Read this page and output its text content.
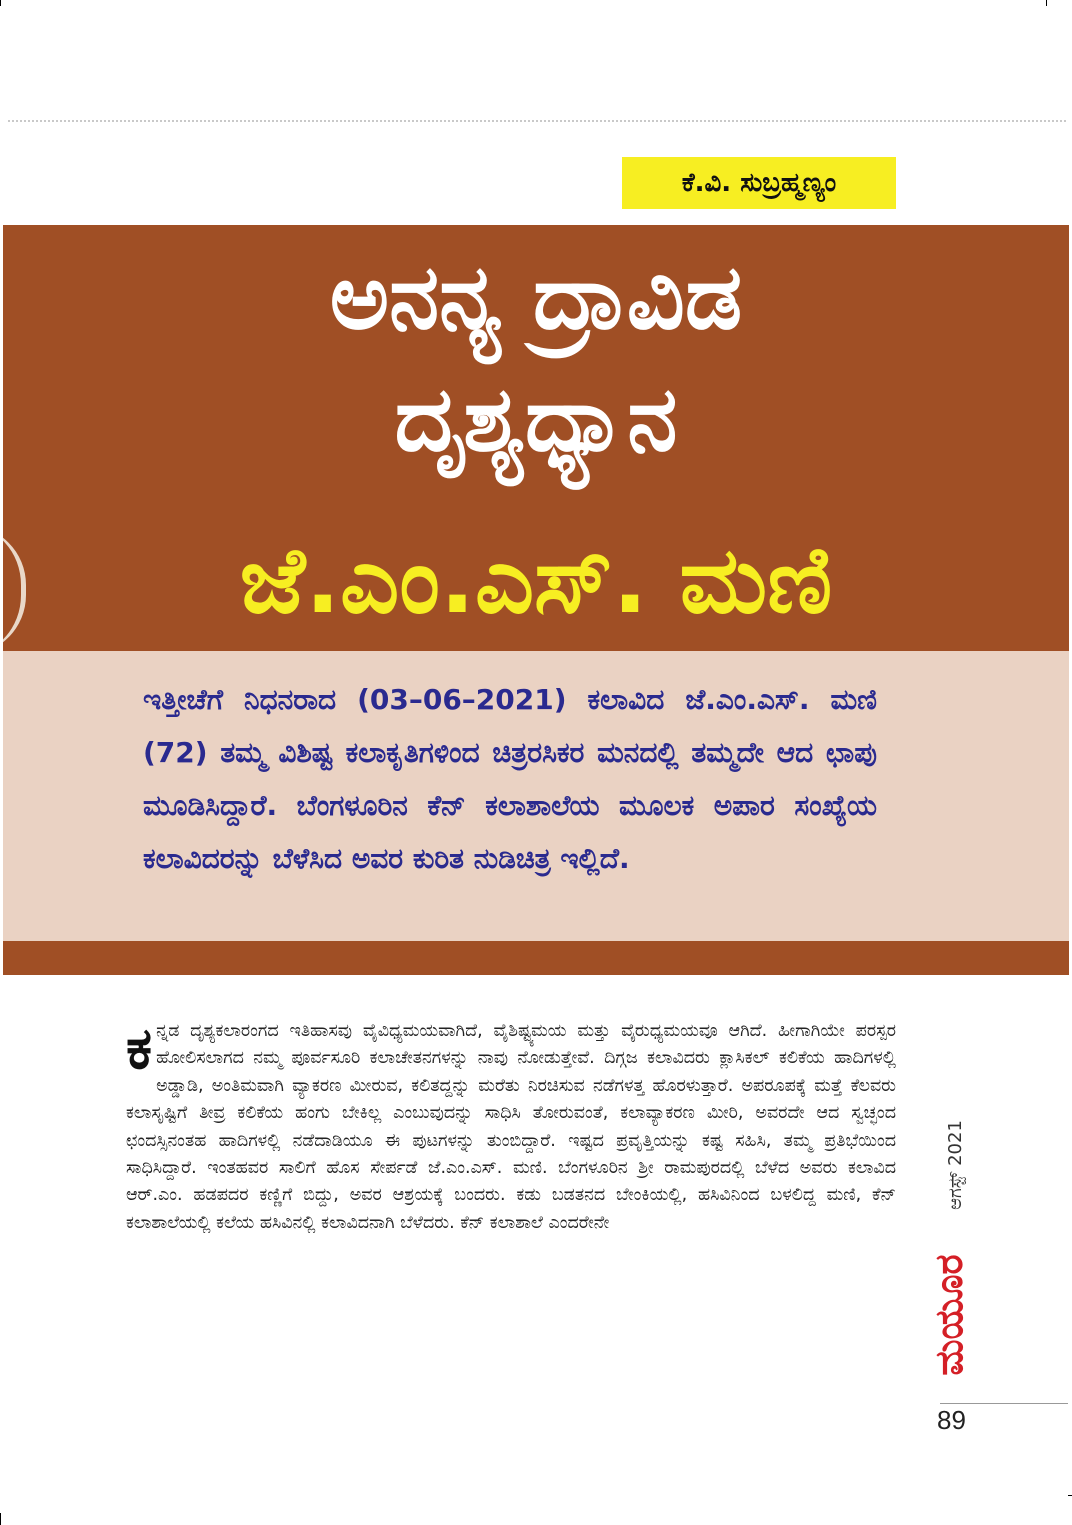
ಕೆ.ವಿ. ಸುಬ್ರಹ್ಮಣ್ಯಂ
ಅನನ್ಯ ದ್ರಾವಿಡ
ದೃಶ್ಯಧ್ಯಾನ
ಜೆ.ಎಂ.ಎಸ್. ಮಣಿ
ಇತ್ತೀಚೆಗೆ ನಿಧನರಾದ (03–06–2021) ಕಲಾವಿದ ಜೆ.ಎಂ.ಎಸ್. ಮಣಿ (72) ತಮ್ಮ ವಿಶಿಷ್ಟ ಕಲಾಕೃತಿಗಳಿಂದ ಚಿತ್ರರಸಿಕರ ಮನದಲ್ಲಿ ತಮ್ಮದೇ ಆದ ಛಾಪು ಮೂಡಿಸಿದ್ದಾರೆ. ಬೆಂಗಳೂರಿನ ಕೆನ್ ಕಲಾಶಾಲೆಯ ಮೂಲಕ ಅಪಾರ ಸಂಖ್ಯೆಯ ಕಲಾವಿದರನ್ನು ಬೆಳೆಸಿದ ಅವರ ಕುರಿತ ನುಡಿಚಿತ್ರ ಇಲ್ಲಿದೆ.
ಕನ್ನಡ ದೃಶ್ಯಕಲಾರಂಗದ ಇತಿಹಾಸವು ವೈವಿಧ್ಯಮಯವಾಗಿದೆ, ವೈಶಿಷ್ಟ್ಯಮಯ ಮತ್ತು ವೈರುಧ್ಯಮಯವೂ ಆಗಿದೆ. ಹೀಗಾಗಿಯೇ ಪರಸ್ಪರ ಹೋಲಿಸಲಾಗದ ನಮ್ಮ ಪೂರ್ವಸೂರಿ ಕಲಾಚೇತನಗಳನ್ನು ನಾವು ನೋಡುತ್ತೇವೆ. ದಿಗ್ಗಜ ಕಲಾವಿದರು ಕ್ಲಾಸಿಕಲ್ ಕಲಿಕೆಯ ಹಾದಿಗಳಲ್ಲಿ ಅಡ್ಡಾಡಿ, ಅಂತಿಮವಾಗಿ ವ್ಯಾಕರಣ ಮೀರುವ, ಕಲಿತದ್ದನ್ನು ಮರೆತು ನಿರಚಿಸುವ ನಡೆಗಳತ್ತ ಹೊರಳುತ್ತಾರೆ. ಅಪರೂಪಕ್ಕೆ ಮತ್ತೆ ಕೆಲವರು ಕಲಾಸೃಷ್ಟಿಗೆ ತೀವ್ರ ಕಲಿಕೆಯ ಹಂಗು ಬೇಕಿಲ್ಲ ಎಂಬುವುದನ್ನು ಸಾಧಿಸಿ ತೋರುವಂತೆ, ಕಲಾವ್ಯಾಕರಣ ಮೀರಿ, ಅವರದೇ ಆದ ಸ್ವಚ್ಛಂದ ಛಂದಸ್ಸಿನಂತಹ ಹಾದಿಗಳಲ್ಲಿ ನಡೆದಾಡಿಯೂ ಈ ಪುಟಗಳನ್ನು ತುಂಬಿದ್ದಾರೆ. ಇಷ್ಟದ ಪ್ರವೃತ್ತಿಯನ್ನು ಕಷ್ಟ ಸಹಿಸಿ, ತಮ್ಮ ಪ್ರತಿಭೆಯಿಂದ ಸಾಧಿಸಿದ್ದಾರೆ. ಇಂತಹವರ ಸಾಲಿಗೆ ಹೊಸ ಸೇರ್ಪಡೆ ಜೆ.ಎಂ.ಎಸ್. ಮಣಿ. ಬೆಂಗಳೂರಿನ ಶ್ರೀ ರಾಮಪುರದಲ್ಲಿ ಬೆಳೆದ ಅವರು ಕಲಾವಿದ ಆರ್.ಎಂ. ಹಡಪದರ ಕಣ್ಣಿಗೆ ಬಿದ್ದು, ಅವರ ಆಶ್ರಯಕ್ಕೆ ಬಂದರು. ಕಡು ಬಡತನದ ಬೇಂಕಿಯಲ್ಲಿ, ಹಸಿವಿನಿಂದ ಬಳಲಿದ್ದ ಮಣಿ, ಕೆನ್ ಕಲಾಶಾಲೆಯಲ್ಲಿ ಕಲೆಯ ಹಸಿವಿನಲ್ಲಿ ಕಲಾವಿದನಾಗಿ ಬೆಳೆದರು. ಕೆನ್ ಕಲಾಶಾಲೆ ಎಂದರೇನೇ
ಆಗಸ್ಟ್ 2021
ಮಯೂರ
89
